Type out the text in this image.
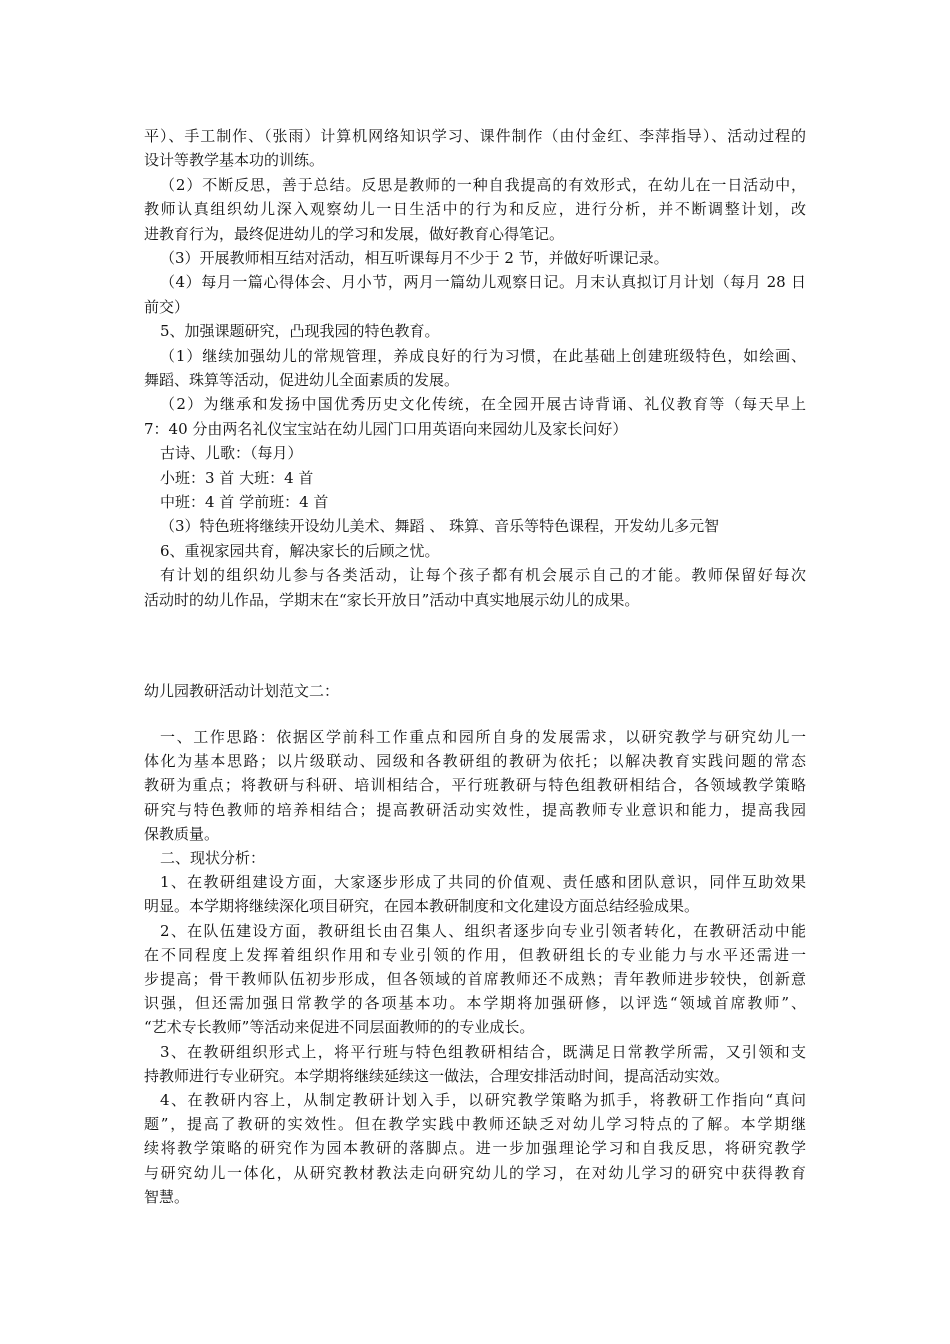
平）、手工制作、（张雨）计算机网络知识学习、课件制作（由付金红、李萍指导）、活动过程的
设计等教学基本功的训练。
（2）不断反思，善于总结。反思是教师的一种自我提高的有效形式，在幼儿在一日活动中，
教师认真组织幼儿深入观察幼儿一日生活中的行为和反应，进行分析，并不断调整计划，改
进教育行为，最终促进幼儿的学习和发展，做好教育心得笔记。
（3）开展教师相互结对活动，相互听课每月不少于 2 节，并做好听课记录。
（4）每月一篇心得体会、月小节，两月一篇幼儿观察日记。月末认真拟订月计划（每月 28 日
前交）
5、加强课题研究，凸现我园的特色教育。
（1）继续加强幼儿的常规管理，养成良好的行为习惯，在此基础上创建班级特色，如绘画、
舞蹈、珠算等活动，促进幼儿全面素质的发展。
（2）为继承和发扬中国优秀历史文化传统，在全园开展古诗背诵、礼仪教育等（每天早上
7：40 分由两名礼仪宝宝站在幼儿园门口用英语向来园幼儿及家长问好）
古诗、儿歌：（每月）
小班：3 首 大班：4 首
中班：4 首 学前班：4 首
（3）特色班将继续开设幼儿美术、舞蹈 、 珠算、音乐等特色课程，开发幼儿多元智
6、重视家园共育，解决家长的后顾之忧。
有计划的组织幼儿参与各类活动，让每个孩子都有机会展示自己的才能。教师保留好每次
活动时的幼儿作品，学期末在“家长开放日”活动中真实地展示幼儿的成果。
幼儿园教研活动计划范文二：
一、工作思路：依据区学前科工作重点和园所自身的发展需求，以研究教学与研究幼儿一
体化为基本思路；以片级联动、园级和各教研组的教研为依托；以解决教育实践问题的常态
教研为重点；将教研与科研、培训相结合，平行班教研与特色组教研相结合，各领域教学策略
研究与特色教师的培养相结合；提高教研活动实效性，提高教师专业意识和能力，提高我园
保教质量。
二、现状分析：
1、在教研组建设方面，大家逐步形成了共同的价值观、责任感和团队意识，同伴互助效果
明显。本学期将继续深化项目研究，在园本教研制度和文化建设方面总结经验成果。
2、在队伍建设方面，教研组长由召集人、组织者逐步向专业引领者转化，在教研活动中能
在不同程度上发挥着组织作用和专业引领的作用，但教研组长的专业能力与水平还需进一
步提高；骨干教师队伍初步形成，但各领域的首席教师还不成熟；青年教师进步较快，创新意
识强，但还需加强日常教学的各项基本功。本学期将加强研修，以评选“领域首席教师”、
“艺术专长教师”等活动来促进不同层面教师的的专业成长。
3、在教研组织形式上，将平行班与特色组教研相结合，既满足日常教学所需，又引领和支
持教师进行专业研究。本学期将继续延续这一做法，合理安排活动时间，提高活动实效。
4、在教研内容上，从制定教研计划入手，以研究教学策略为抓手，将教研工作指向“真问
题”，提高了教研的实效性。但在教学实践中教师还缺乏对幼儿学习特点的了解。本学期继
续将教学策略的研究作为园本教研的落脚点。进一步加强理论学习和自我反思，将研究教学
与研究幼儿一体化，从研究教材教法走向研究幼儿的学习，在对幼儿学习的研究中获得教育
智慧。
